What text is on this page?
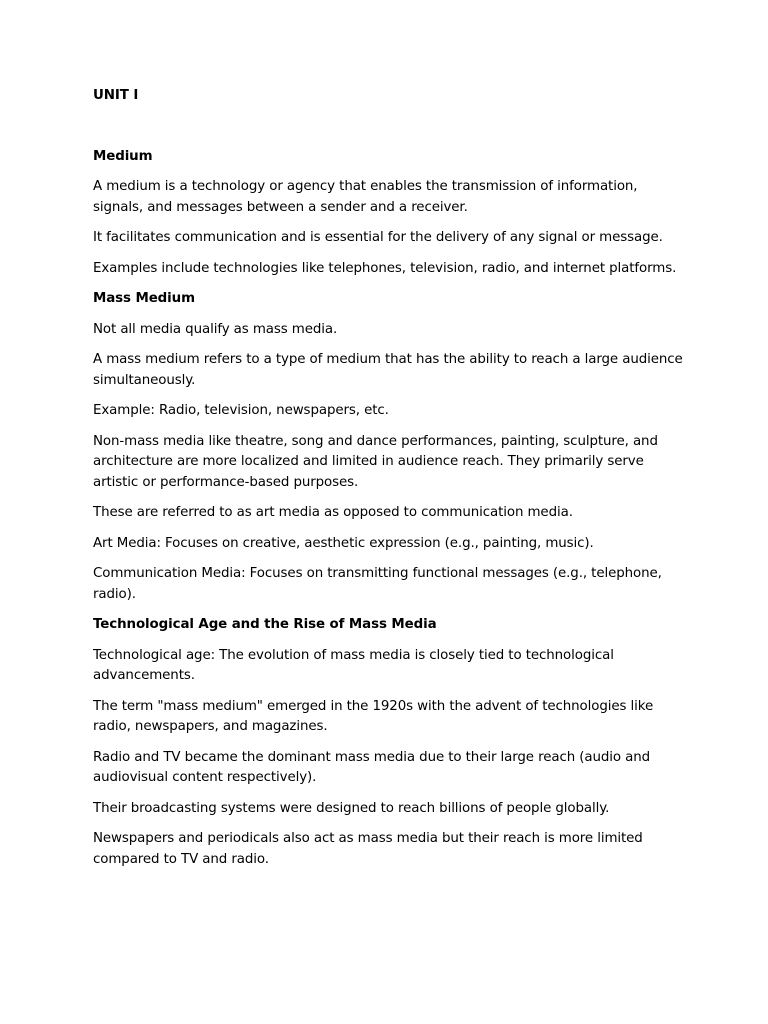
UNIT I
Medium

A medium is a technology or agency that enables the transmission of information, signals, and messages between a sender and a receiver.

It facilitates communication and is essential for the delivery of any signal or message.

Examples include technologies like telephones, television, radio, and internet platforms.

Mass Medium

Not all media qualify as mass media.

A mass medium refers to a type of medium that has the ability to reach a large audience simultaneously.

Example: Radio, television, newspapers, etc.

Non-mass media like theatre, song and dance performances, painting, sculpture, and architecture are more localized and limited in audience reach. They primarily serve artistic or performance-based purposes.

These are referred to as art media as opposed to communication media.

Art Media: Focuses on creative, aesthetic expression (e.g., painting, music).

Communication Media: Focuses on transmitting functional messages (e.g., telephone, radio).

Technological Age and the Rise of Mass Media

Technological age: The evolution of mass media is closely tied to technological advancements.

The term "mass medium" emerged in the 1920s with the advent of technologies like radio, newspapers, and magazines.

Radio and TV became the dominant mass media due to their large reach (audio and audiovisual content respectively).

Their broadcasting systems were designed to reach billions of people globally.

Newspapers and periodicals also act as mass media but their reach is more limited compared to TV and radio.
